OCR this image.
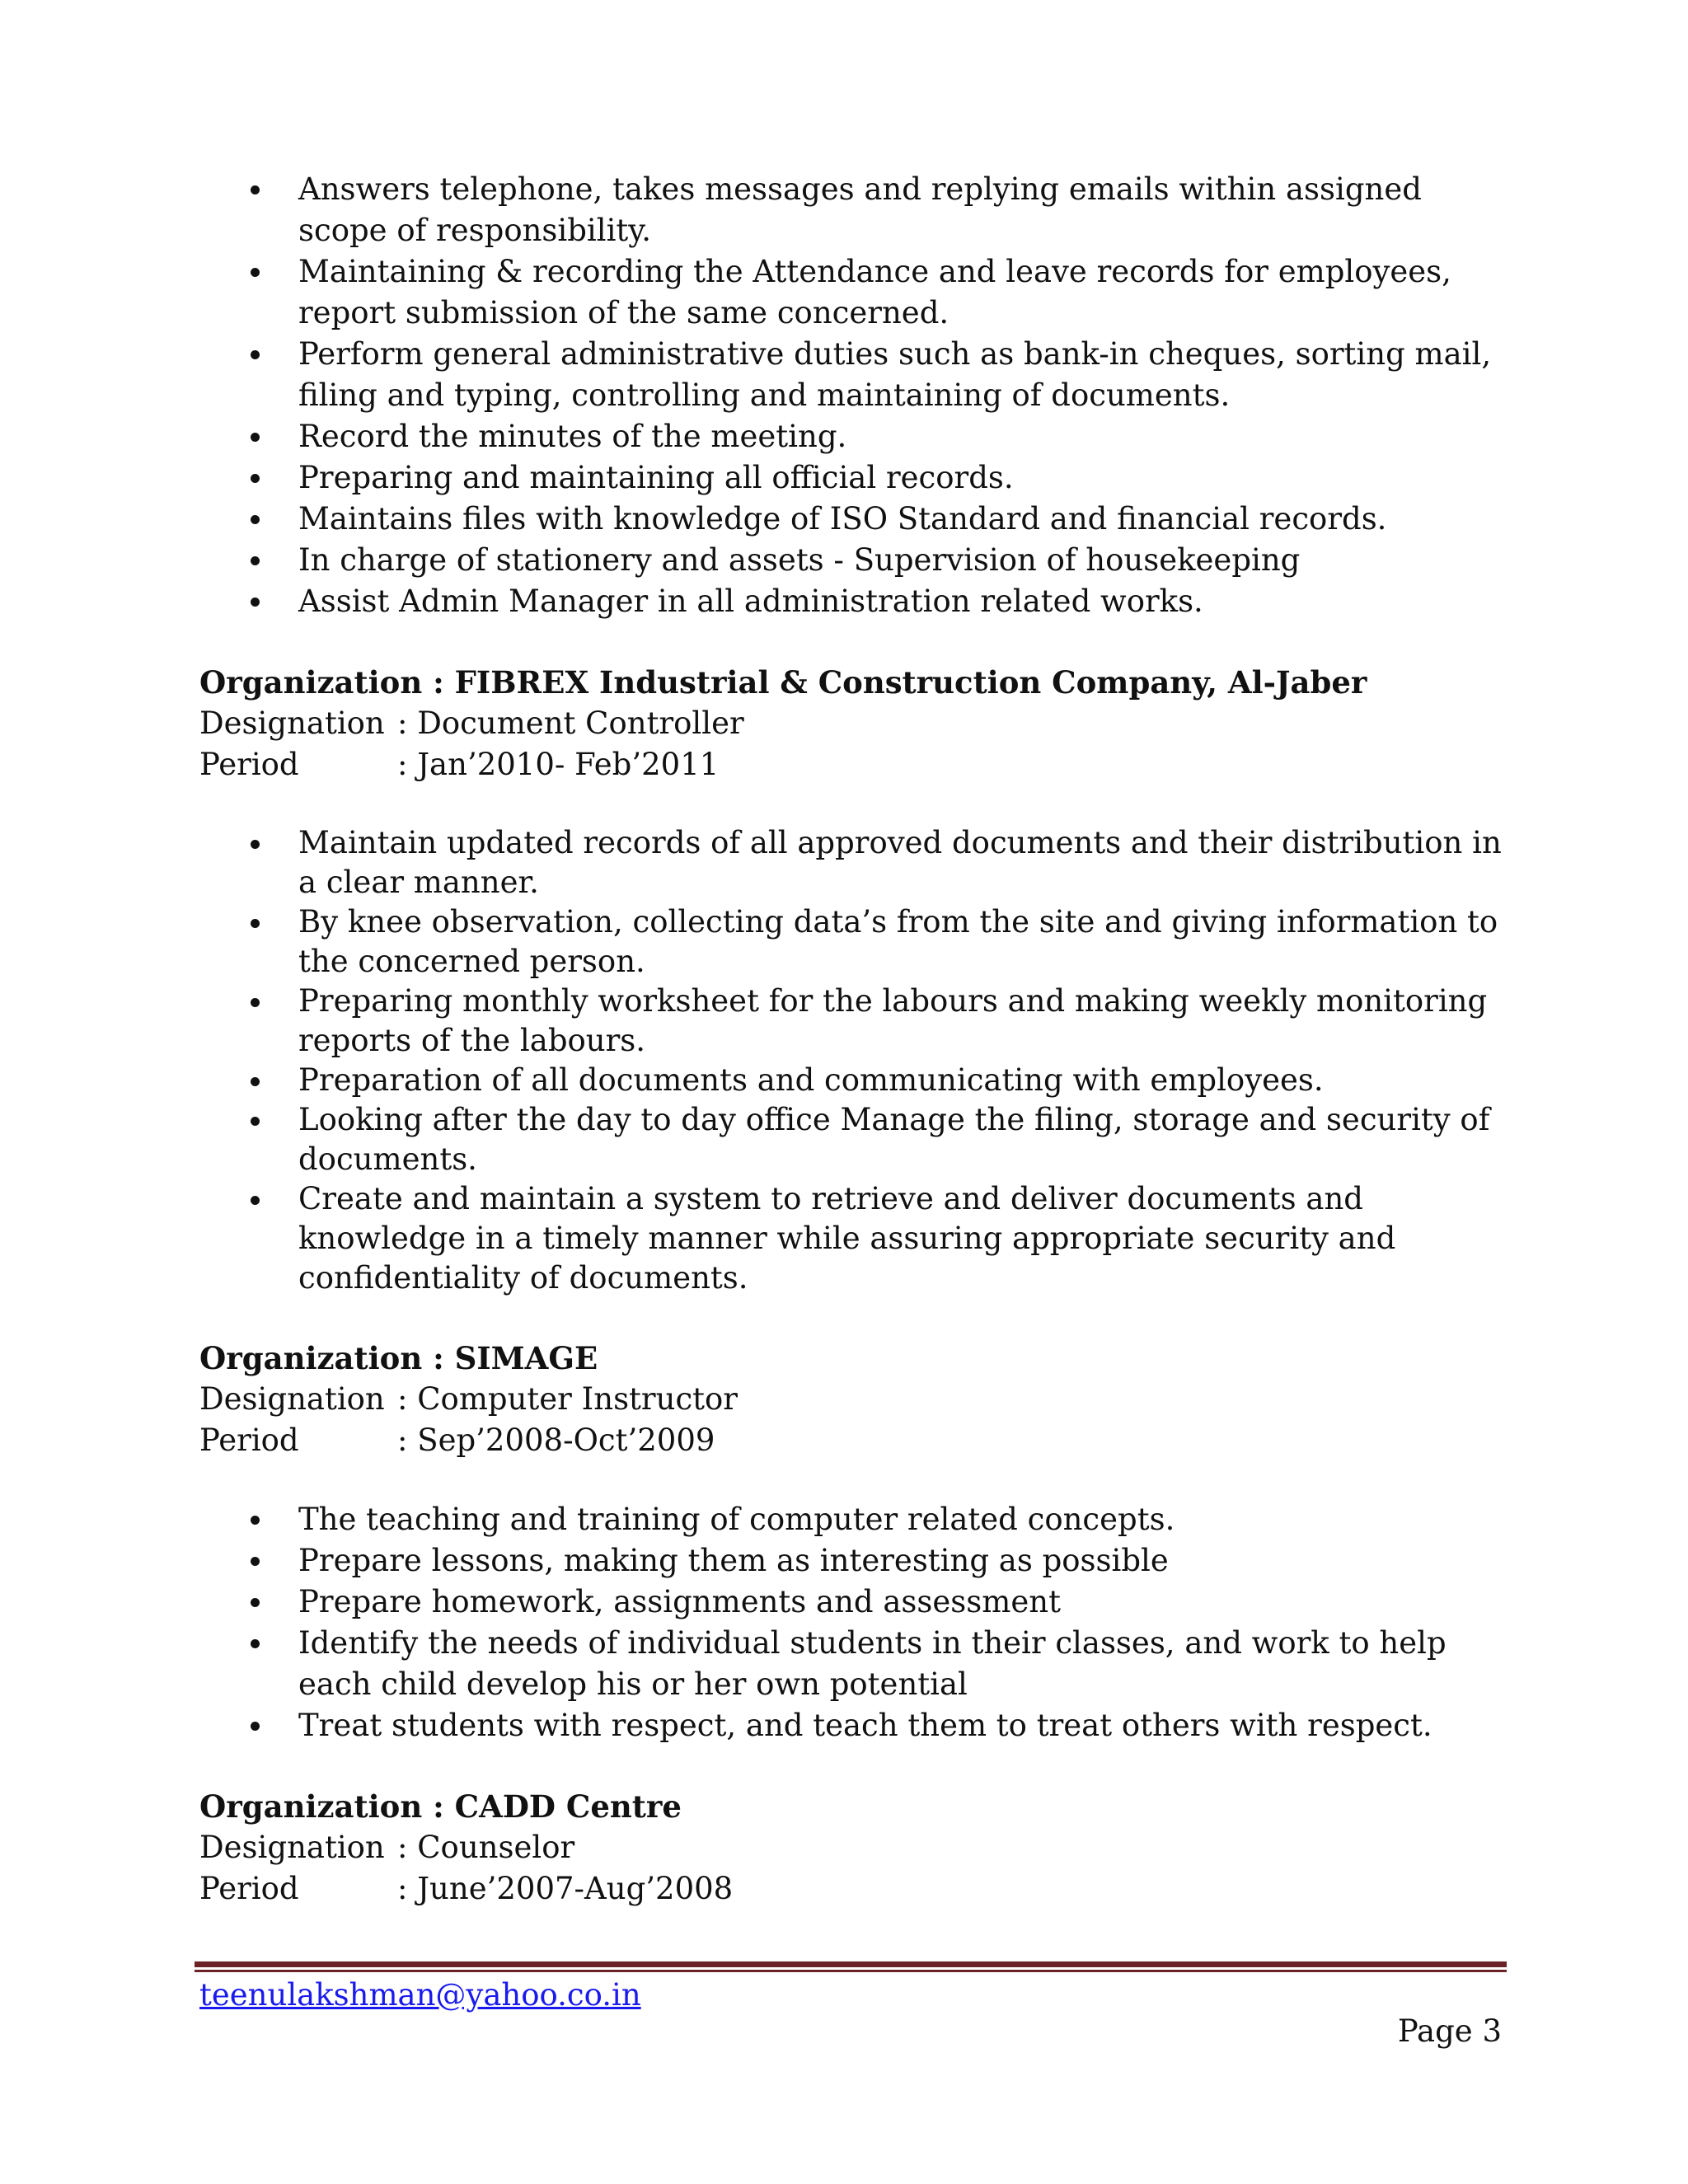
Answers telephone, takes messages and replying emails within assigned scope of responsibility.
Maintaining & recording the Attendance and leave records for employees, report submission of the same concerned.
Perform general administrative duties such as bank-in cheques, sorting mail, filing and typing, controlling and maintaining of documents.
Record the minutes of the meeting.
Preparing and maintaining all official records.
Maintains files with knowledge of ISO Standard and financial records.
In charge of stationery and assets - Supervision of housekeeping
Assist Admin Manager in all administration related works.
Organization : FIBREX Industrial & Construction Company, Al-Jaber
Designation : Document Controller
Period	: Jan’2010- Feb’2011
Maintain updated records of all approved documents and their distribution in a clear manner.
By knee observation, collecting data’s from the site and giving information to the concerned person.
Preparing monthly worksheet for the labours and making weekly monitoring reports of the labours.
Preparation of all documents and communicating with employees.
Looking after the day to day office Manage the filing, storage and security of documents.
Create and maintain a system to retrieve and deliver documents and knowledge in a timely manner while assuring appropriate security and confidentiality of documents.
Organization : SIMAGE
Designation : Computer Instructor
Period	: Sep’2008-Oct’2009
The teaching and training of computer related concepts.
Prepare lessons, making them as interesting as possible
Prepare homework, assignments and assessment
Identify the needs of individual students in their classes, and work to help each child develop his or her own potential
Treat students with respect, and teach them to treat others with respect.
Organization : CADD Centre
Designation : Counselor
Period	: June’2007-Aug’2008
teenulakshman@yahoo.co.in
Page 3
